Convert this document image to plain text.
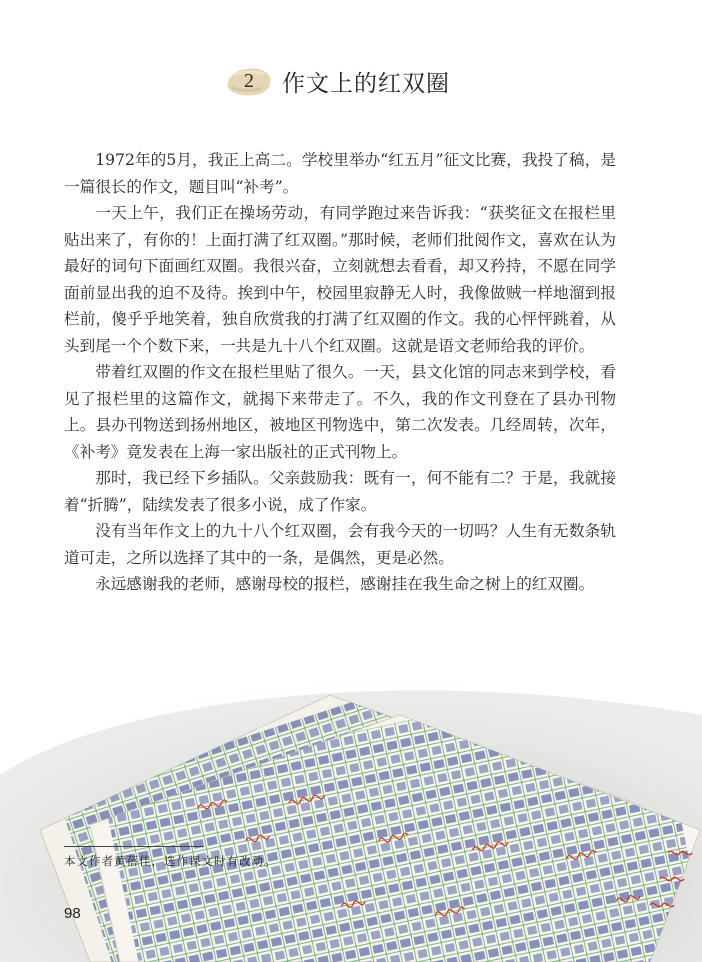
2 作文上的红双圈

1972年的5月，我正上高二。学校里举办“红五月”征文比赛，我投了稿，是一篇很长的作文，题目叫“补考”。

一天上午，我们正在操场劳动，有同学跑过来告诉我：“获奖征文在报栏里贴出来了，有你的！上面打满了红双圈。”那时候，老师们批阅作文，喜欢在认为最好的词句下面画红双圈。我很兴奋，立刻就想去看看，却又矜持，不愿在同学面前显出我的迫不及待。挨到中午，校园里寂静无人时，我像做贼一样地溜到报栏前，傻乎乎地笑着，独自欣赏我的打满了红双圈的作文。我的心怦怦跳着，从头到尾一个个数下来，一共是九十八个红双圈。这就是语文老师给我的评价。

带着红双圈的作文在报栏里贴了很久。一天，县文化馆的同志来到学校，看见了报栏里的这篇作文，就揭下来带走了。不久，我的作文刊登在了县办刊物上。县办刊物送到扬州地区，被地区刊物选中，第二次发表。几经周转，次年，《补考》竟发表在上海一家出版社的正式刊物上。

那时，我已经下乡插队。父亲鼓励我：既有一，何不能有二？于是，我就接着“折腾”，陆续发表了很多小说，成了作家。

没有当年作文上的九十八个红双圈，会有我今天的一切吗？人生有无数条轨道可走，之所以选择了其中的一条，是偶然，更是必然。

永远感谢我的老师，感谢母校的报栏，感谢挂在我生命之树上的红双圈。

本文作者黄蓓佳，选作课文时有改动。
98
